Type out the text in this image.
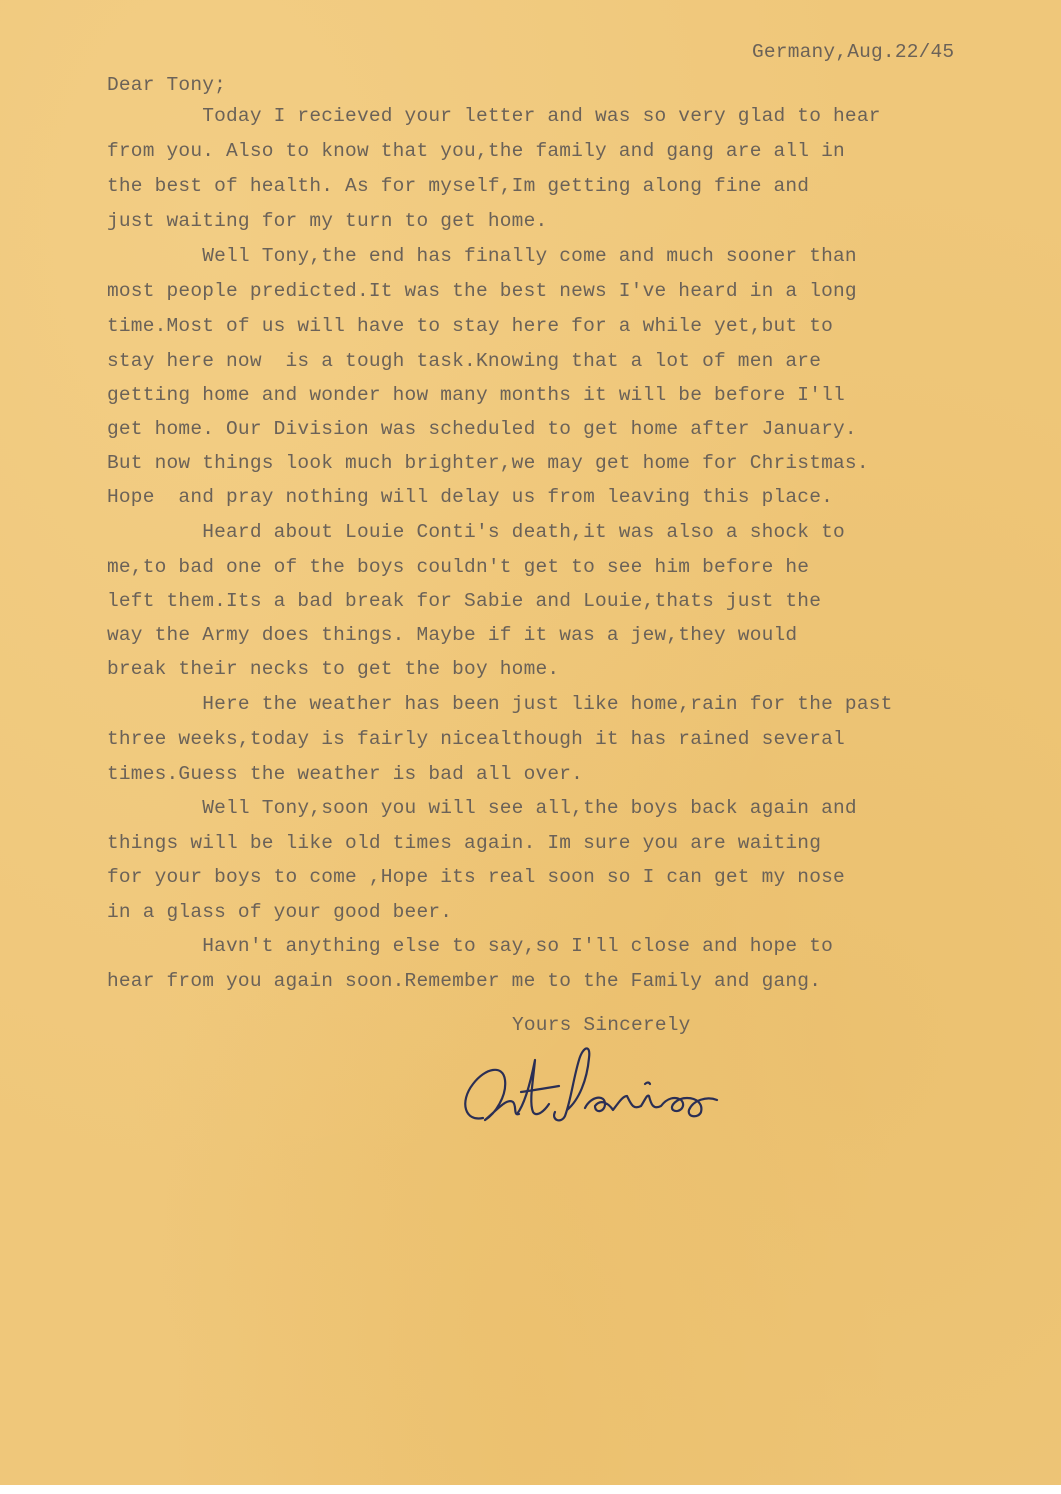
Germany,Aug.22/45

Dear Tony;

Today I recieved your letter and was so very glad to hear

from you. Also to know that you,the family and gang are all in

the best of health. As for myself,Im getting along fine and

just waiting for my turn to get home.

Well Tony,the end has finally come and much sooner than

most people predicted.It was the best news I've heard in a long

time.Most of us will have to stay here for a while yet,but to

stay here now  is a tough task.Knowing that a lot of men are

getting home and wonder how many months it will be before I'll

get home. Our Division was scheduled to get home after January.

But now things look much brighter,we may get home for Christmas.

Hope  and pray nothing will delay us from leaving this place.

Heard about Louie Conti's death,it was also a shock to

me,to bad one of the boys couldn't get to see him before he

left them.Its a bad break for Sabie and Louie,thats just the

way the Army does things. Maybe if it was a jew,they would

break their necks to get the boy home.

Here the weather has been just like home,rain for the past

three weeks,today is fairly nicealthough it has rained several

times.Guess the weather is bad all over.

Well Tony,soon you will see all,the boys back again and

things will be like old times again. Im sure you are waiting

for your boys to come ,Hope its real soon so I can get my nose

in a glass of your good beer.

Havn't anything else to say,so I'll close and hope to

hear from you again soon.Remember me to the Family and gang.

Yours Sincerely
